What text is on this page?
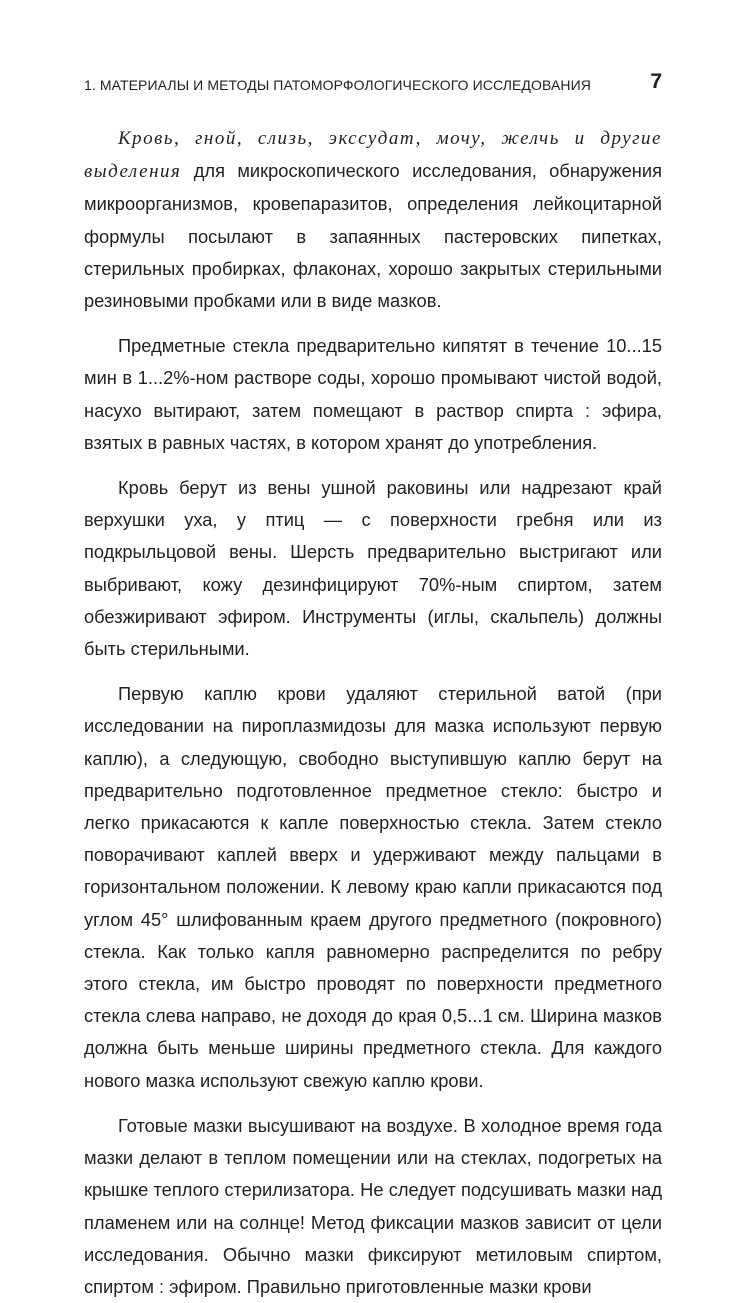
1. МАТЕРИАЛЫ И МЕТОДЫ ПАТОМОРФОЛОГИЧЕСКОГО ИССЛЕДОВАНИЯ	7

Кровь, гной, слизь, экссудат, мочу, желчь и другие выделения для микроскопического исследования, обнаружения микроорганизмов, кровепаразитов, определения лейкоцитарной формулы посылают в запаянных пастеровских пипетках, стерильных пробирках, флаконах, хорошо закрытых стерильными резиновыми пробками или в виде мазков.

Предметные стекла предварительно кипятят в течение 10...15 мин в 1...2%-ном растворе соды, хорошо промывают чистой водой, насухо вытирают, затем помещают в раствор спирта : эфира, взятых в равных частях, в котором хранят до употребления.

Кровь берут из вены ушной раковины или надрезают край верхушки уха, у птиц — с поверхности гребня или из подкрыльцовой вены. Шерсть предварительно выстригают или выбривают, кожу дезинфицируют 70%-ным спиртом, затем обезжиривают эфиром. Инструменты (иглы, скальпель) должны быть стерильными.

Первую каплю крови удаляют стерильной ватой (при исследовании на пироплазмидозы для мазка используют первую каплю), а следующую, свободно выступившую каплю берут на предварительно подготовленное предметное стекло: быстро и легко прикасаются к капле поверхностью стекла. Затем стекло поворачивают каплей вверх и удерживают между пальцами в горизонтальном положении. К левому краю капли прикасаются под углом 45° шлифованным краем другого предметного (покровного) стекла. Как только капля равномерно распределится по ребру этого стекла, им быстро проводят по поверхности предметного стекла слева направо, не доходя до края 0,5...1 см. Ширина мазков должна быть меньше ширины предметного стекла. Для каждого нового мазка используют свежую каплю крови.

Готовые мазки высушивают на воздухе. В холодное время года мазки делают в теплом помещении или на стеклах, подогретых на крышке теплого стерилизатора. Не следует подсушивать мазки над пламенем или на солнце! Метод фиксации мазков зависит от цели исследования. Обычно мазки фиксируют метиловым спиртом, спиртом : эфиром. Правильно приготовленные мазки крови
